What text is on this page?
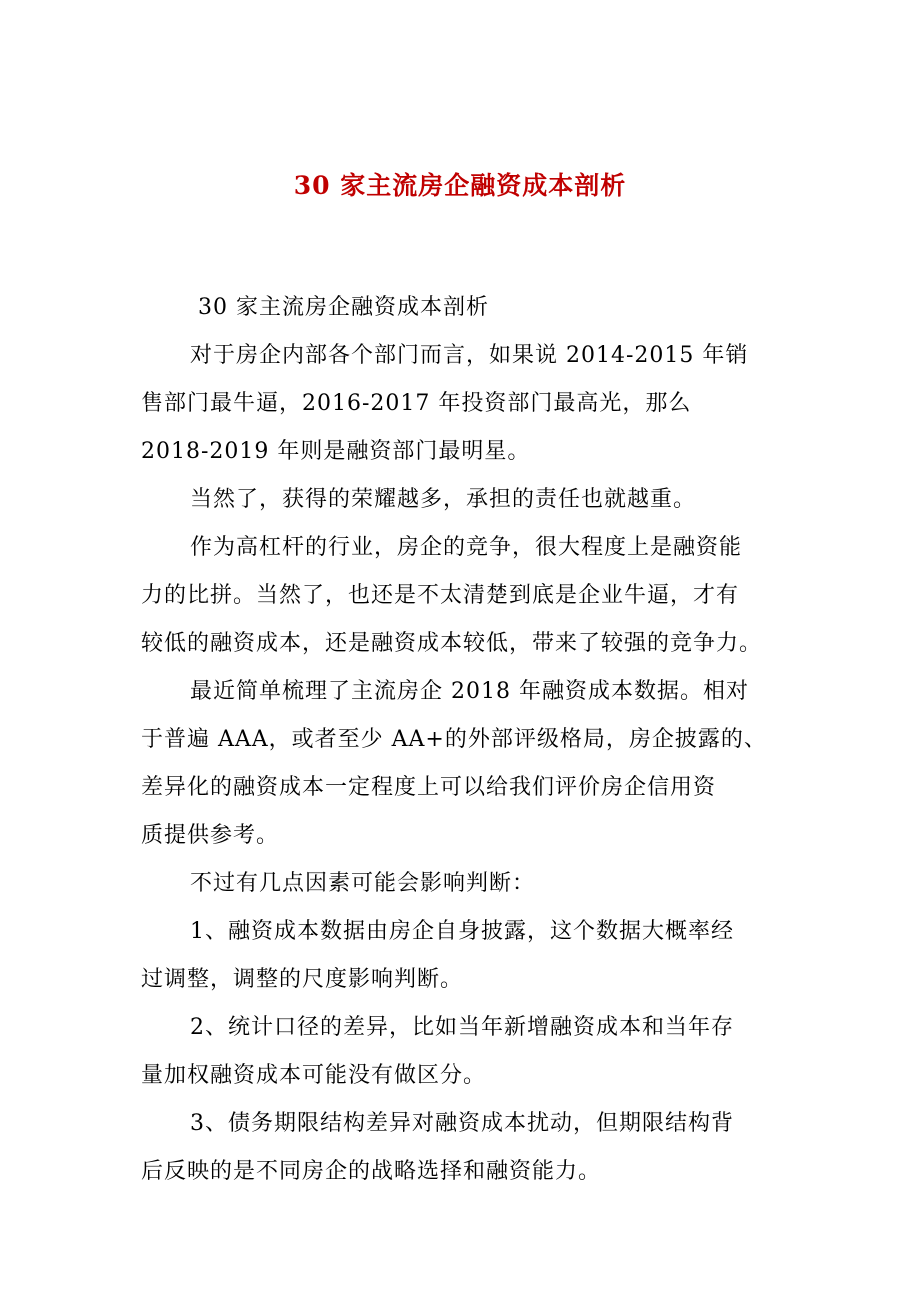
30 家主流房企融资成本剖析
30 家主流房企融资成本剖析
对于房企内部各个部门而言，如果说 2014-2015 年销
售部门最牛逼，2016-2017 年投资部门最高光，那么
2018-2019 年则是融资部门最明星。
当然了，获得的荣耀越多，承担的责任也就越重。
作为高杠杆的行业，房企的竞争，很大程度上是融资能
力的比拼。当然了，也还是不太清楚到底是企业牛逼，才有
较低的融资成本，还是融资成本较低，带来了较强的竞争力。
最近简单梳理了主流房企 2018 年融资成本数据。相对
于普遍 AAA，或者至少 AA+的外部评级格局，房企披露的、
差异化的融资成本一定程度上可以给我们评价房企信用资
质提供参考。
不过有几点因素可能会影响判断：
1、融资成本数据由房企自身披露，这个数据大概率经
过调整，调整的尺度影响判断。
2、统计口径的差异，比如当年新增融资成本和当年存
量加权融资成本可能没有做区分。
3、债务期限结构差异对融资成本扰动，但期限结构背
后反映的是不同房企的战略选择和融资能力。
